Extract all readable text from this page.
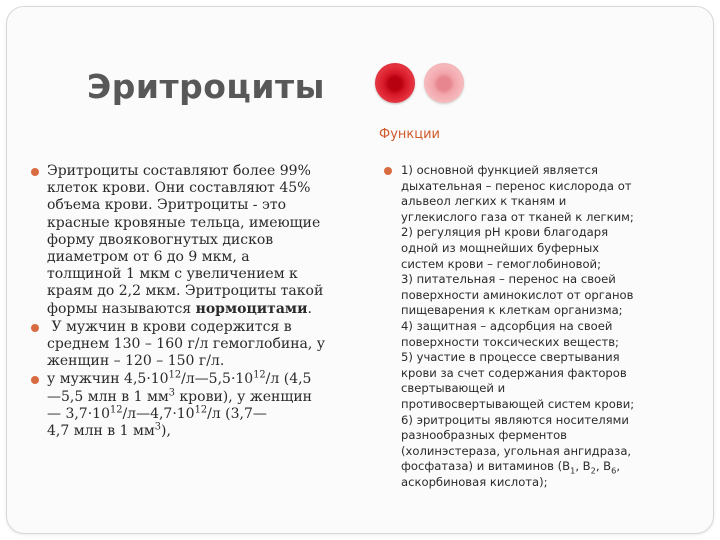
Эритроциты
Функции
Эритроциты составляют более 99%
клеток крови. Они составляют 45%
объема крови. Эритроциты - это
красные кровяные тельца, имеющие
форму двояковогнутых дисков
диаметром от 6 до 9 мкм, а
толщиной 1 мкм с увеличением к
краям до 2,2 мкм. Эритроциты такой
формы называются нормоцитами.
У мужчин в крови содержится в
среднем 130 – 160 г/л гемоглобина, у
женщин – 120 – 150 г/л.
у мужчин $4,5\cdot 10^{12}/л—5,5\cdot 10^{12}/л$ (4,5
—5,5 млн в 1 $мм^3$ крови), у женщин
— $3,7\cdot 10^{12}/л—4,7\cdot 10^{12}/л$ (3,7—
4,7 млн в 1 $мм^3$),
1) основной функцией является
дыхательная – перенос кислорода от
альвеол легких к тканям и
углекислого газа от тканей к легким;
2) регуляция pH крови благодаря
одной из мощнейших буферных
систем крови – гемоглобиновой;
3) питательная – перенос на своей
поверхности аминокислот от органов
пищеварения к клеткам организма;
4) защитная – адсорбция на своей
поверхности токсических веществ;
5) участие в процессе свертывания
крови за счет содержания факторов
свертывающей и
противосвертывающей систем крови;
6) эритроциты являются носителями
разнообразных ферментов
(холинэстераза, угольная ангидраза,
фосфатаза) и витаминов ($B_1$, $B_2$, $B_6$,
аскорбиновая кислота);
